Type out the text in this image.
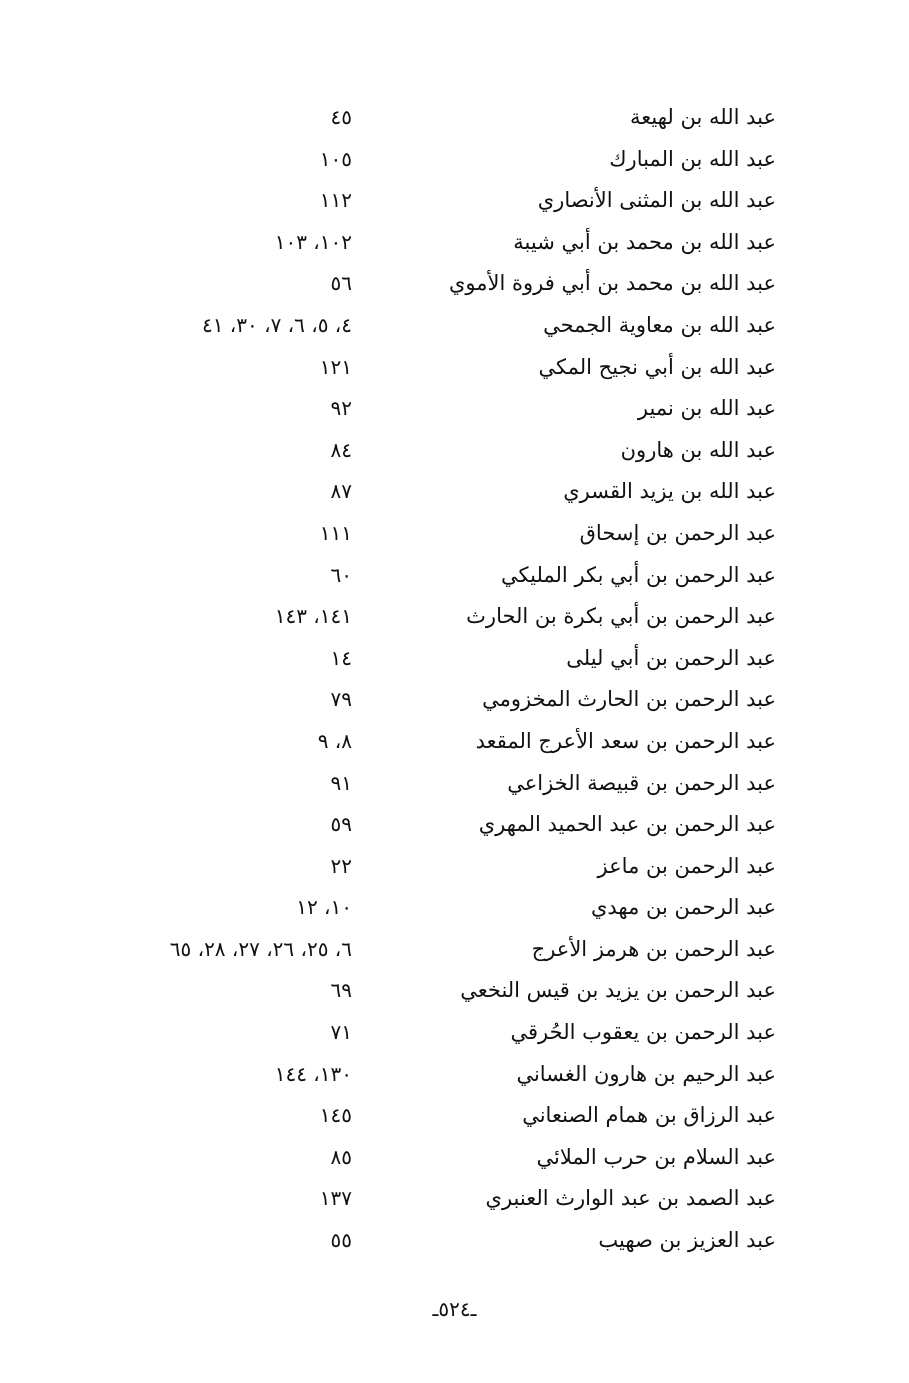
عبد الله بن لهيعة
٤٥
عبد الله بن المبارك
١٠٥
عبد الله بن المثنى الأنصاري
١١٢
عبد الله بن محمد بن أبي شيبة
١٠٢، ١٠٣
عبد الله بن محمد بن أبي فروة الأموي
٥٦
عبد الله بن معاوية الجمحي
٤، ٥، ٦، ٧، ٣٠، ٤١
عبد الله بن أبي نجيح المكي
١٢١
عبد الله بن نمير
٩٢
عبد الله بن هارون
٨٤
عبد الله بن يزيد القسري
٨٧
عبد الرحمن بن إسحاق
١١١
عبد الرحمن بن أبي بكر المليكي
٦٠
عبد الرحمن بن أبي بكرة بن الحارث
١٤١، ١٤٣
عبد الرحمن بن أبي ليلى
١٤
عبد الرحمن بن الحارث المخزومي
٧٩
عبد الرحمن بن سعد الأعرج المقعد
٨، ٩
عبد الرحمن بن قبيصة الخزاعي
٩١
عبد الرحمن بن عبد الحميد المهري
٥٩
عبد الرحمن بن ماعز
٢٢
عبد الرحمن بن مهدي
١٠، ١٢
عبد الرحمن بن هرمز الأعرج
٦، ٢٥، ٢٦، ٢٧، ٢٨، ٦٥
عبد الرحمن بن يزيد بن قيس النخعي
٦٩
عبد الرحمن بن يعقوب الحُرقي
٧١
عبد الرحيم بن هارون الغساني
١٣٠، ١٤٤
عبد الرزاق بن همام الصنعاني
١٤٥
عبد السلام بن حرب الملائي
٨٥
عبد الصمد بن عبد الوارث العنبري
١٣٧
عبد العزيز بن صهيب
٥٥
ـ٥٢٤ـ
